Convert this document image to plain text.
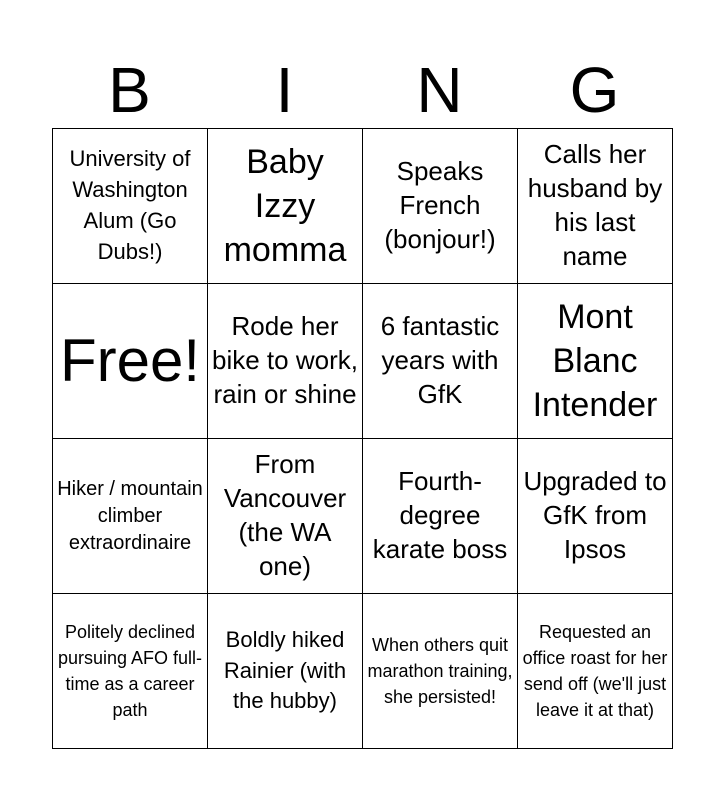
B	I	N	G
University of Washington Alum (Go Dubs!)	Baby Izzy momma	Speaks French (bonjour!)	Calls her husband by his last name
Free!	Rode her bike to work, rain or shine	6 fantastic years with GfK	Mont Blanc Intender
Hiker / mountain climber extraordinaire	From Vancouver (the WA one)	Fourth-degree karate boss	Upgraded to GfK from Ipsos
Politely declined pursuing AFO full-time as a career path	Boldly hiked Rainier (with the hubby)	When others quit marathon training, she persisted!	Requested an office roast for her send off (we'll just leave it at that)
